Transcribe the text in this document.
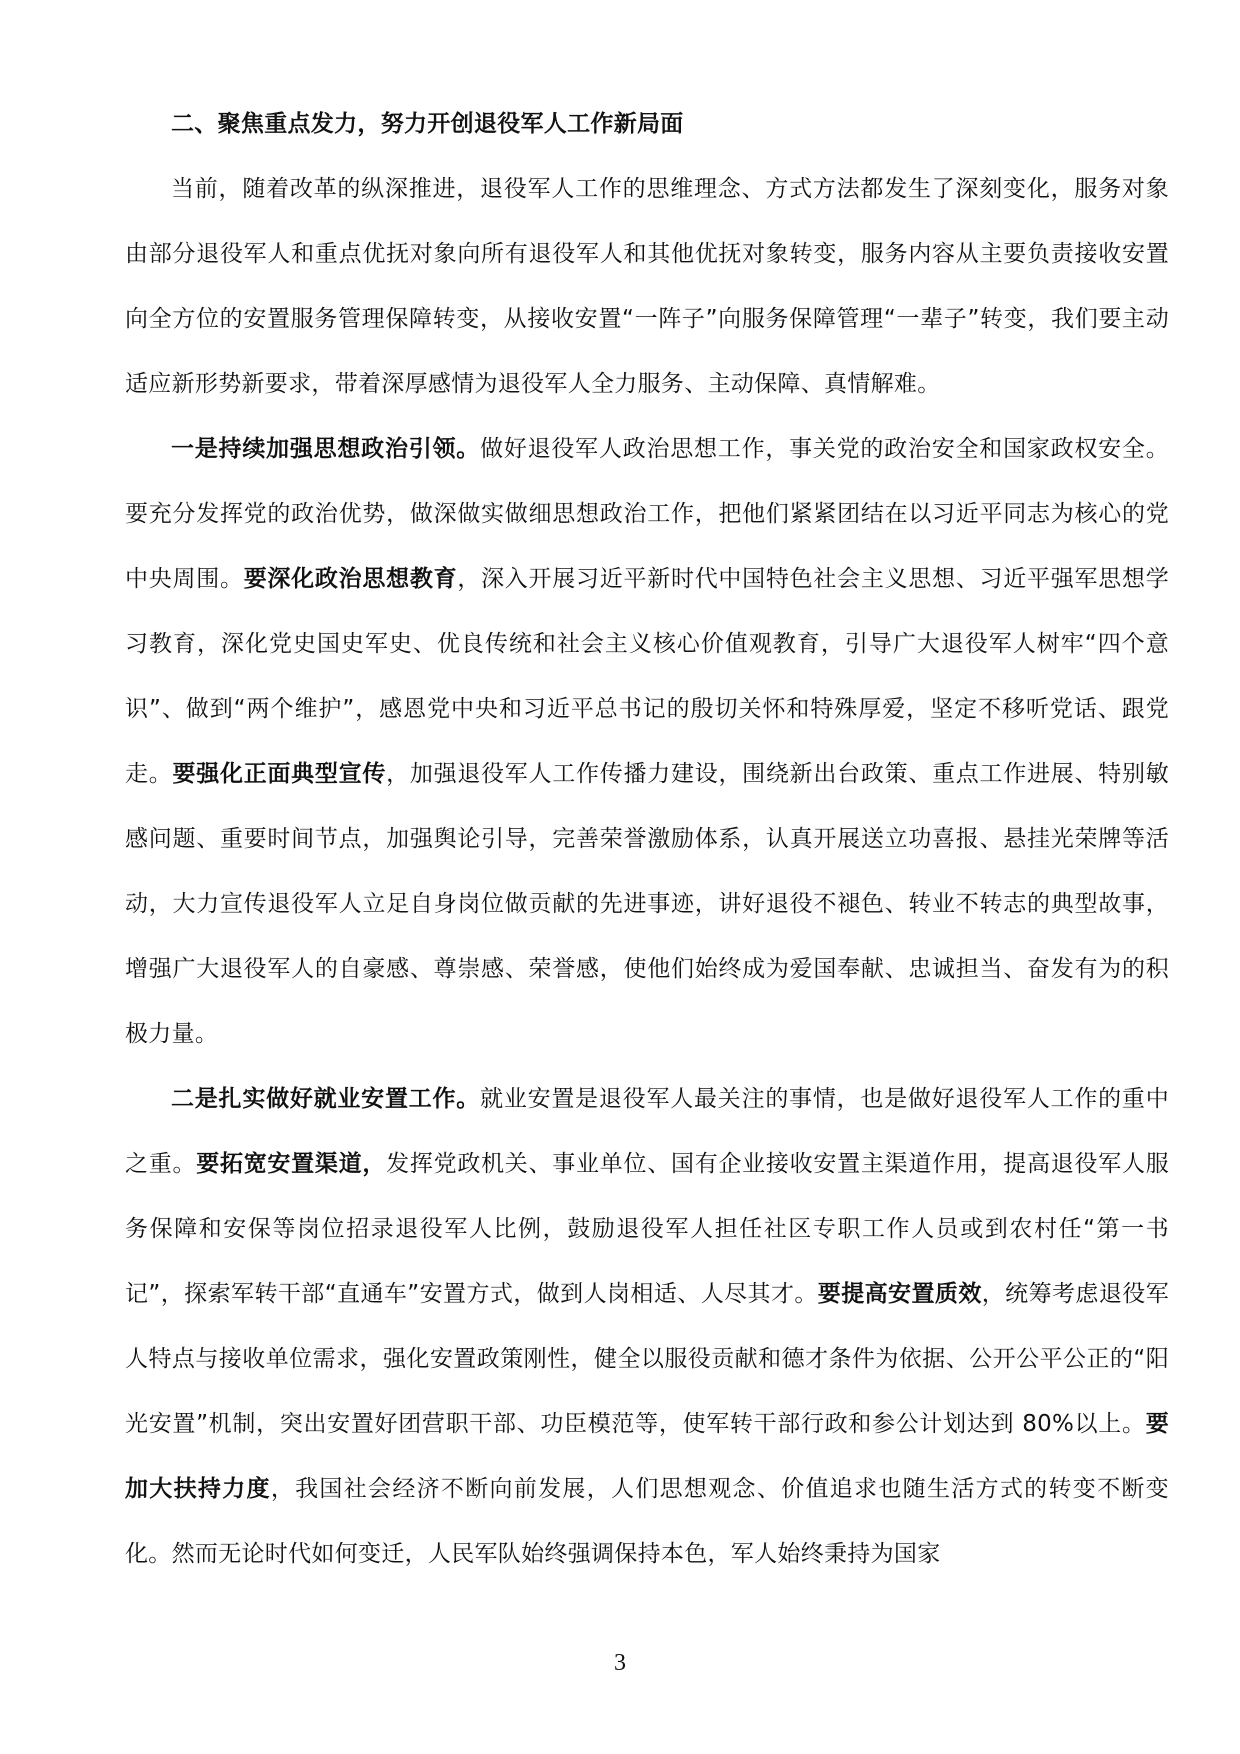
二、聚焦重点发力，努力开创退役军人工作新局面

当前，随着改革的纵深推进，退役军人工作的思维理念、方式方法都发生了深刻变化，服务对象由部分退役军人和重点优抚对象向所有退役军人和其他优抚对象转变，服务内容从主要负责接收安置向全方位的安置服务管理保障转变，从接收安置“一阵子”向服务保障管理“一辈子”转变，我们要主动适应新形势新要求，带着深厚感情为退役军人全力服务、主动保障、真情解难。

一是持续加强思想政治引领。做好退役军人政治思想工作，事关党的政治安全和国家政权安全。要充分发挥党的政治优势，做深做实做细思想政治工作，把他们紧紧团结在以习近平同志为核心的党中央周围。要深化政治思想教育，深入开展习近平新时代中国特色社会主义思想、习近平强军思想学习教育，深化党史国史军史、优良传统和社会主义核心价值观教育，引导广大退役军人树牢“四个意识”、做到“两个维护”，感恩党中央和习近平总书记的殷切关怀和特殊厚爱，坚定不移听党话、跟党走。要强化正面典型宣传，加强退役军人工作传播力建设，围绕新出台政策、重点工作进展、特别敏感问题、重要时间节点，加强舆论引导，完善荣誉激励体系，认真开展送立功喜报、悬挂光荣牌等活动，大力宣传退役军人立足自身岗位做贡献的先进事迹，讲好退役不褪色、转业不转志的典型故事，增强广大退役军人的自豪感、尊崇感、荣誉感，使他们始终成为爱国奉献、忠诚担当、奋发有为的积极力量。

二是扎实做好就业安置工作。就业安置是退役军人最关注的事情，也是做好退役军人工作的重中之重。要拓宽安置渠道，发挥党政机关、事业单位、国有企业接收安置主渠道作用，提高退役军人服务保障和安保等岗位招录退役军人比例，鼓励退役军人担任社区专职工作人员或到农村任“第一书记”，探索军转干部“直通车”安置方式，做到人岗相适、人尽其才。要提高安置质效，统筹考虑退役军人特点与接收单位需求，强化安置政策刚性，健全以服役贡献和德才条件为依据、公开公平公正的“阳光安置”机制，突出安置好团营职干部、功臣模范等，使军转干部行政和参公计划达到 80%以上。要加大扶持力度，我国社会经济不断向前发展，人们思想观念、价值追求也随生活方式的转变不断变化。然而无论时代如何变迁，人民军队始终强调保持本色，军人始终秉持为国家

3
